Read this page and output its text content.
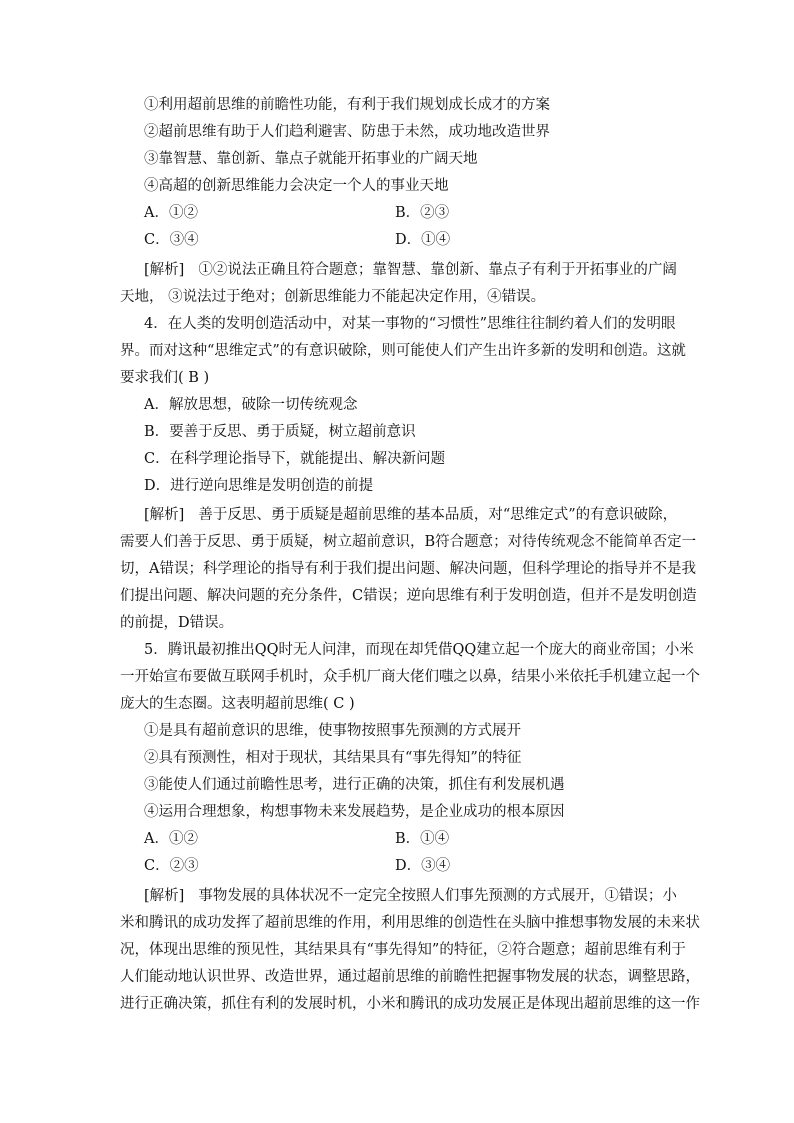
①利用超前思维的前瞻性功能，有利于我们规划成长成才的方案
②超前思维有助于人们趋利避害、防患于未然，成功地改造世界
③靠智慧、靠创新、靠点子就能开拓事业的广阔天地
④高超的创新思维能力会决定一个人的事业天地
A．①②	B．②③
C．③④	D．①④
[解析] ①②说法正确且符合题意；靠智慧、靠创新、靠点子有利于开拓事业的广阔
天地， ③说法过于绝对；创新思维能力不能起决定作用，④错误。
4．在人类的发明创造活动中，对某一事物的“习惯性”思维往往制约着人们的发明眼
界。而对这种“思维定式”的有意识破除，则可能使人们产生出许多新的发明和创造。这就
要求我们( B )
A．解放思想，破除一切传统观念
B．要善于反思、勇于质疑，树立超前意识
C．在科学理论指导下，就能提出、解决新问题
D．进行逆向思维是发明创造的前提
[解析] 善于反思、勇于质疑是超前思维的基本品质，对“思维定式”的有意识破除，
需要人们善于反思、勇于质疑，树立超前意识，B符合题意；对待传统观念不能简单否定一
切，A错误；科学理论的指导有利于我们提出问题、解决问题，但科学理论的指导并不是我
们提出问题、解决问题的充分条件，C错误；逆向思维有利于发明创造，但并不是发明创造
的前提，D错误。
5．腾讯最初推出QQ时无人问津，而现在却凭借QQ建立起一个庞大的商业帝国；小米
一开始宣布要做互联网手机时，众手机厂商大佬们嗤之以鼻，结果小米依托手机建立起一个
庞大的生态圈。这表明超前思维( C )
①是具有超前意识的思维，使事物按照事先预测的方式展开
②具有预测性，相对于现状，其结果具有“事先得知”的特征
③能使人们通过前瞻性思考，进行正确的决策，抓住有利发展机遇
④运用合理想象，构想事物未来发展趋势，是企业成功的根本原因
A．①②	B．①④
C．②③	D．③④
[解析] 事物发展的具体状况不一定完全按照人们事先预测的方式展开，①错误；小
米和腾讯的成功发挥了超前思维的作用，利用思维的创造性在头脑中推想事物发展的未来状
况，体现出思维的预见性，其结果具有“事先得知”的特征，②符合题意；超前思维有利于
人们能动地认识世界、改造世界，通过超前思维的前瞻性把握事物发展的状态，调整思路，
进行正确决策，抓住有利的发展时机，小米和腾讯的成功发展正是体现出超前思维的这一作
